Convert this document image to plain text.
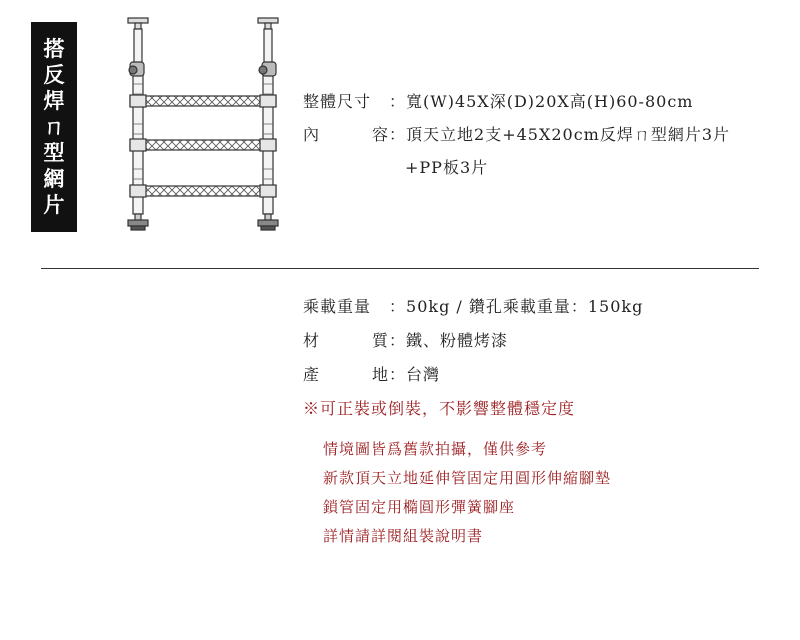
搭
反
焊
ㄇ
型
網
片
整體尺寸 ： 寬(W)45X深(D)20X高(H)60-80cm
內	容 ： 頂天立地2支+45X20cm反焊ㄇ型網片3片
+PP板3片
乘載重量 ： 50kg / 鑽孔乘載重量：150kg
材	質 ： 鐵、粉體烤漆
產	地 ： 台灣
※可正裝或倒裝，不影響整體穩定度
情境圖皆爲舊款拍攝，僅供參考
新款頂天立地延伸管固定用圓形伸縮腳墊
鎖管固定用橢圓形彈簧腳座
詳情請詳閱組裝說明書
